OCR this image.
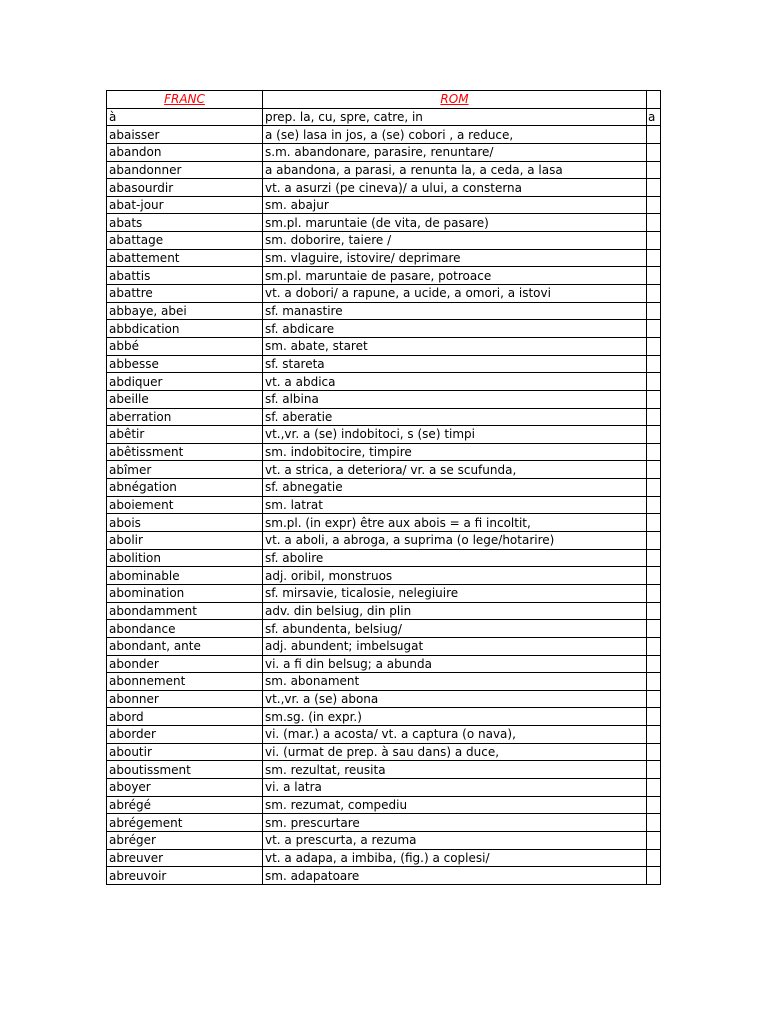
FRANC	ROM	
à	prep. la, cu, spre, catre, in	a
abaisser	a (se) lasa in jos, a (se) cobori , a reduce,	
abandon	s.m. abandonare, parasire, renuntare/	
abandonner	a abandona, a parasi, a renunta la, a ceda, a lasa	
abasourdir	vt. a asurzi (pe cineva)/ a ului, a consterna	
abat-jour	sm. abajur	
abats	sm.pl. maruntaie (de vita, de pasare)	
abattage	sm. doborire, taiere /	
abattement	sm. vlaguire, istovire/ deprimare	
abattis	sm.pl. maruntaie de pasare, potroace	
abattre	vt. a dobori/ a rapune, a ucide, a omori, a istovi	
abbaye, abei	sf. manastire	
abbdication	sf. abdicare	
abbé	sm. abate, staret	
abbesse	sf. stareta	
abdiquer	vt. a abdica	
abeille	sf. albina	
aberration	sf. aberatie	
abêtir	vt.,vr. a (se) indobitoci, s (se) timpi	
abêtissment	sm. indobitocire, timpire	
abîmer	vt. a strica, a deteriora/ vr. a se scufunda,	
abnégation	sf. abnegatie	
aboiement	sm. latrat	
abois	sm.pl. (in expr) être aux abois = a fi incoltit,	
abolir	vt. a aboli, a abroga, a suprima (o lege/hotarire)	
abolition	sf. abolire	
abominable	adj. oribil, monstruos	
abomination	sf. mirsavie, ticalosie, nelegiuire	
abondamment	adv. din belsiug, din plin	
abondance	sf. abundenta, belsiug/	
abondant, ante	adj. abundent; imbelsugat	
abonder	vi. a fi din belsug; a abunda	
abonnement	sm. abonament	
abonner	vt.,vr. a (se) abona	
abord	sm.sg. (in expr.)	
aborder	vi. (mar.) a acosta/ vt. a captura (o nava),	
aboutir	vi. (urmat de prep. à sau dans) a duce,	
aboutissment	sm. rezultat, reusita	
aboyer	vi. a latra	
abrégé	sm. rezumat, compediu	
abrégement	sm. prescurtare	
abréger	vt. a prescurta, a rezuma	
abreuver	vt. a adapa, a imbiba, (fig.) a coplesi/	
abreuvoir	sm. adapatoare	
